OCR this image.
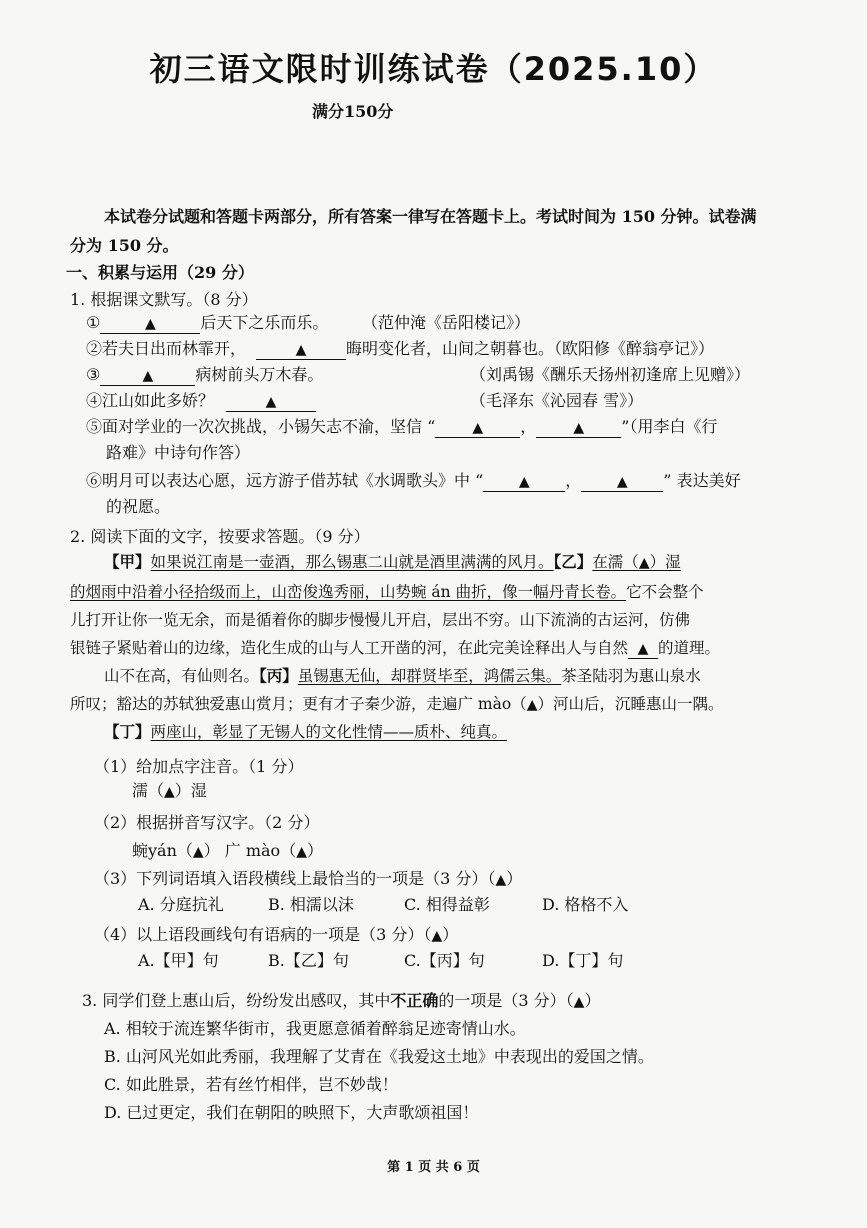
初三语文限时训练试卷（2025.10）
满分150分
本试卷分试题和答题卡两部分，所有答案一律写在答题卡上。考试时间为 150 分钟。试卷满
分为 150 分。
一、积累与运用（29 分）
1. 根据课文默写。（8 分）
①	▲	后天下之乐而乐。 （范仲淹《岳阳楼记》）
②若夫日出而林霏开，	▲ 晦明变化者，山间之朝暮也。（欧阳修《醉翁亭记》）
③	▲	病树前头万木春。	（刘禹锡《酬乐天扬州初逢席上见赠》）
④江山如此多娇？	▲	（毛泽东《沁园春 雪》）
⑤面对学业的一次次挑战，小锡矢志不渝，坚信 “	▲ ，	▲ ”（用李白《行
路难》中诗句作答）
⑥明月可以表达心愿，远方游子借苏轼《水调歌头》中 “	▲ ，	▲ ” 表达美好
的祝愿。
2. 阅读下面的文字，按要求答题。（9 分）
【甲】如果说江南是一壶酒，那么锡惠二山就是酒里满满的风月。【乙】在濡（▲）湿
的烟雨中沿着小径拾级而上，山峦俊逸秀丽，山势蜿 án 曲折，像一幅丹青长卷。它不会整个
儿打开让你一览无余，而是循着你的脚步慢慢儿开启，层出不穷。山下流淌的古运河，仿佛
银链子紧贴着山的边缘，造化生成的山与人工开凿的河，在此完美诠释出人与自然 ▲ 的道理。
山不在高，有仙则名。【丙】虽锡惠无仙，却群贤毕至，鸿儒云集。茶圣陆羽为惠山泉水
所叹；豁达的苏轼独爱惠山赏月；更有才子秦少游，走遍广 mào（▲）河山后，沉睡惠山一隅。
【丁】两座山，彰显了无锡人的文化性情——质朴、纯真。
（1）给加点字注音。（1 分）
濡（▲）湿
（2）根据拼音写汉字。（2 分）
蜿yán（▲） 广 mào（▲）
（3）下列词语填入语段横线上最恰当的一项是（3 分）（▲）
A. 分庭抗礼	B. 相濡以沫	C. 相得益彰	D. 格格不入
（4）以上语段画线句有语病的一项是（3 分）（▲）
A.【甲】句	B.【乙】句	C.【丙】句	D.【丁】句
3. 同学们登上惠山后，纷纷发出感叹，其中不正确的一项是（3 分）（▲）
A. 相较于流连繁华街市，我更愿意循着醉翁足迹寄情山水。
B. 山河风光如此秀丽，我理解了艾青在《我爱这土地》中表现出的爱国之情。
C. 如此胜景，若有丝竹相伴，岂不妙哉！
D. 已过更定，我们在朝阳的映照下，大声歌颂祖国！
第 1 页 共 6 页
